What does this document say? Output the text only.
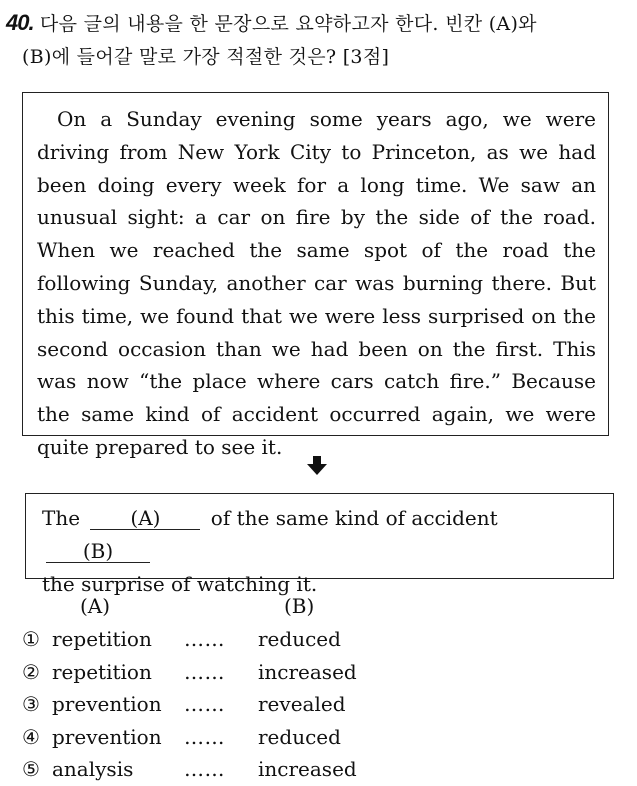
40. 다음 글의 내용을 한 문장으로 요약하고자 한다. 빈칸 (A)와
(B)에 들어갈 말로 가장 적절한 것은? [3점]

On a Sunday evening some years ago, we were driving from New York City to Princeton, as we had been doing every week for a long time. We saw an unusual sight: a car on fire by the side of the road. When we reached the same spot of the road the following Sunday, another car was burning there. But this time, we found that we were less surprised on the second occasion than we had been on the first. This was now “the place where cars catch fire.” Because the same kind of accident occurred again, we were quite prepared to see it.

The	(A)	of the same kind of accident (B)
the surprise of watching it.
(A)	(B)
① repetition …… reduced
② repetition …… increased
③ prevention …… revealed
④ prevention …… reduced
⑤ analysis	…… increased
